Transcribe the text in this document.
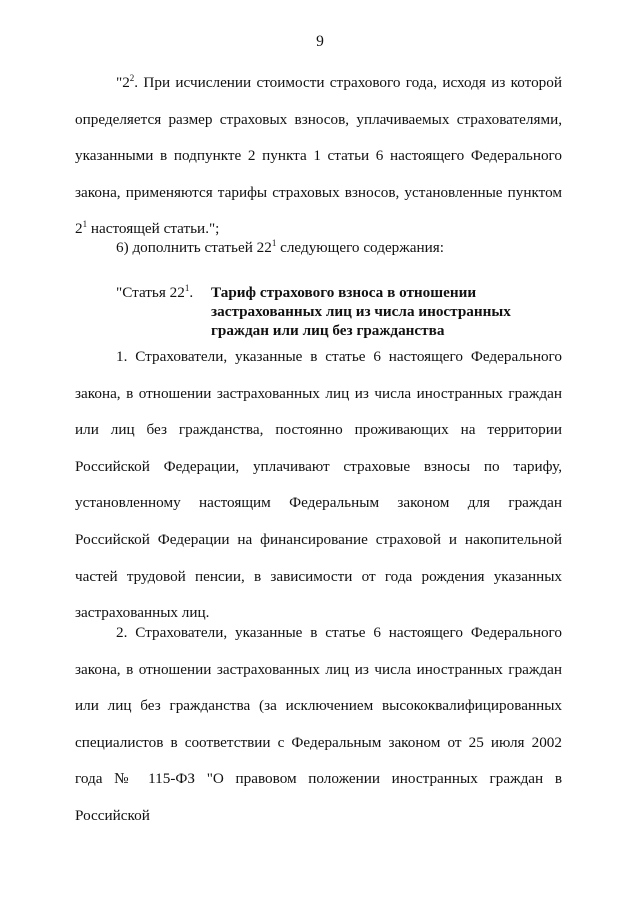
9

"$2^2$. При исчислении стоимости страхового года, исходя из которой определяется размер страховых взносов, уплачиваемых страхователями, указанными в подпункте 2 пункта 1 статьи 6 настоящего Федерального закона, применяются тарифы страховых взносов, установленные пунктом $2^1$ настоящей статьи.";

6) дополнить статьей $22^1$ следующего содержания:

"Статья $22^1$. Тариф страхового взноса в отношении застрахованных лиц из числа иностранных граждан или лиц без гражданства

1. Страхователи, указанные в статье 6 настоящего Федерального закона, в отношении застрахованных лиц из числа иностранных граждан или лиц без гражданства, постоянно проживающих на территории Российской Федерации, уплачивают страховые взносы по тарифу, установленному настоящим Федеральным законом для граждан Российской Федерации на финансирование страховой и накопительной частей трудовой пенсии, в зависимости от года рождения указанных застрахованных лиц.

2. Страхователи, указанные в статье 6 настоящего Федерального закона, в отношении застрахованных лиц из числа иностранных граждан или лиц без гражданства (за исключением высококвалифицированных специалистов в соответствии с Федеральным законом от 25 июля 2002 года № 115-ФЗ "О правовом положении иностранных граждан в Российской
